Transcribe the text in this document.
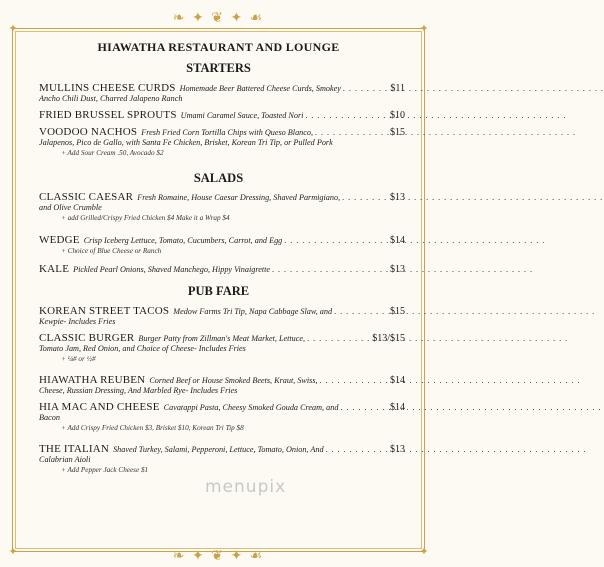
❧ ✦ ❦ ✦ ☙
❧ ✦ ❦ ✦ ☙
✦	✦
✦	✦
HIAWATHA RESTAURANT AND LOUNGE
STARTERS
MULLINS CHEESE CURDS Homemade Beer Battered Cheese Curds, Smokey . . .	$11
Ancho Chili Dust, Charred Jalapeno Ranch
FRIED BRUSSEL SPROUTS Umami Caramel Sauce, Toasted Nori . . .	$10
VOODOO NACHOS Fresh Fried Corn Tortilla Chips with Queso Blanco, . . .	$15
Jalapenos, Pico de Gallo, with Santa Fe Chicken, Brisket, Korean Tri Tip, or Pulled Pork
+ Add Sour Cream .50, Avocado $2
SALADS
CLASSIC CAESAR Fresh Romaine, House Caesar Dressing, Shaved Parmigiano, . . .	$13
and Olive Crumble
+ add Grilled/Crispy Fried Chicken $4 Make it a Wrap $4
WEDGE Crisp Iceberg Lettuce, Tomato, Cucumbers, Carrot, and Egg . . .	$14
+ Choice of Blue Cheese or Ranch
KALE Pickled Pearl Onions, Shaved Manchego, Hippy Vinaigrette . . .	$13
PUB FARE
KOREAN STREET TACOS Medow Farms Tri Tip, Napa Cabbage Slaw, and . . .	$15
Kewpie- Includes Fries
CLASSIC BURGER Burger Patty from Zillman's Meat Market, Lettuce, . . .	$13/$15
Tomato Jam, Red Onion, and Choice of Cheese- Includes Fries
+ ¼# or ½#
HIAWATHA REUBEN Corned Beef or House Smoked Beets, Kraut, Swiss, . . .	$14
Cheese, Russian Dressing, And Marbled Rye- Includes Fries
HIA MAC AND CHEESE Cavatappi Pasta, Cheesy Smoked Gouda Cream, and . . .	$14
Bacon
+ Add Crispy Fried Chicken $3, Brisket $10, Korean Tri Tip $8
THE ITALIAN Shaved Turkey, Salami, Pepperoni, Lettuce, Tomato, Onion, And . . .	$13
Calabrian Aioli
+ Add Pepper Jack Cheese $1
menupix
